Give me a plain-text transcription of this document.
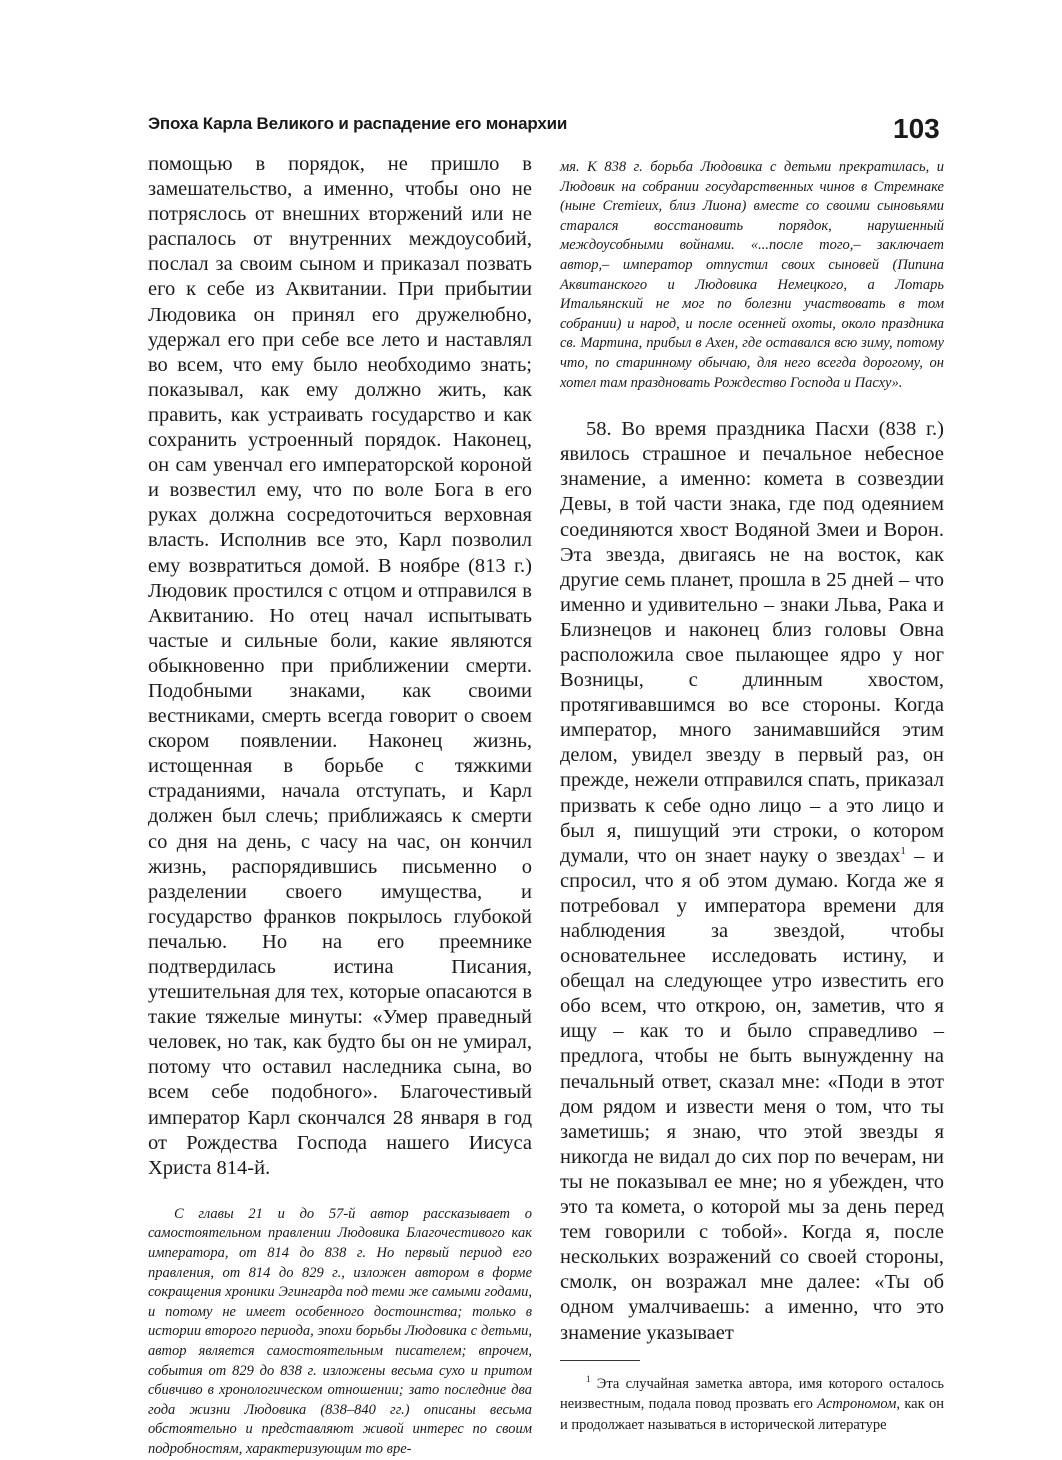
Эпоха Карла Великого и распадение его монархии	103

помощью в порядок, не пришло в замешательство, а именно, чтобы оно не потряслось от внешних вторжений или не распалось от внутренних междоусобий, послал за своим сыном и приказал позвать его к себе из Аквитании. При прибытии Людовика он принял его дружелюбно, удержал его при себе все лето и наставлял во всем, что ему было необходимо знать; показывал, как ему должно жить, как править, как устраивать государство и как сохранить устроенный порядок. Наконец, он сам увенчал его императорской короной и возвестил ему, что по воле Бога в его руках должна сосредоточиться верховная власть. Исполнив все это, Карл позволил ему возвратиться домой. В ноябре (813 г.) Людовик простился с отцом и отправился в Аквитанию. Но отец начал испытывать частые и сильные боли, какие являются обыкновенно при приближении смерти. Подобными знаками, как своими вестниками, смерть всегда говорит о своем скором появлении. Наконец жизнь, истощенная в борьбе с тяжкими страданиями, начала отступать, и Карл должен был слечь; приближаясь к смерти со дня на день, с часу на час, он кончил жизнь, распорядившись письменно о разделении своего имущества, и государство франков покрылось глубокой печалью. Но на его преемнике подтвердилась истина Писания, утешительная для тех, которые опасаются в такие тяжелые минуты: «Умер праведный человек, но так, как будто бы он не умирал, потому что оставил наследника сына, во всем себе подобного». Благочестивый император Карл скончался 28 января в год от Рождества Господа нашего Иисуса Христа 814-й.

С главы 21 и до 57-й автор рассказывает о самостоятельном правлении Людовика Благочестивого как императора, от 814 до 838 г. Но первый период его правления, от 814 до 829 г., изложен автором в форме сокращения хроники Эгингарда под теми же самыми годами, и потому не имеет особенного достоинства; только в истории второго периода, эпохи борьбы Людовика с детьми, автор является самостоятельным писателем; впрочем, события от 829 до 838 г. изложены весьма сухо и притом сбивчиво в хронологическом отношении; зато последние два года жизни Людовика (838–840 гг.) описаны весьма обстоятельно и представляют живой интерес по своим подробностям, характеризующим то вре-

мя. К 838 г. борьба Людовика с детьми прекратилась, и Людовик на собрании государственных чинов в Стремнаке (ныне Cremieux, близ Лиона) вместе со своими сыновьями старался восстановить порядок, нарушенный междоусобными войнами. «...после того,– заключает автор,– император отпустил своих сыновей (Пипина Аквитанского и Людовика Немецкого, а Лотарь Итальянский не мог по болезни участвовать в том собрании) и народ, и после осенней охоты, около праздника св. Мартина, прибыл в Ахен, где оставался всю зиму, потому что, по старинному обычаю, для него всегда дорогому, он хотел там праздновать Рождество Господа и Пасху».

58. Во время праздника Пасхи (838 г.) явилось страшное и печальное небесное знамение, а именно: комета в созвездии Девы, в той части знака, где под одеянием соединяются хвост Водяной Змеи и Ворон. Эта звезда, двигаясь не на восток, как другие семь планет, прошла в 25 дней – что именно и удивительно – знаки Льва, Рака и Близнецов и наконец близ головы Овна расположила свое пылающее ядро у ног Возницы, с длинным хвостом, протягивавшимся во все стороны. Когда император, много занимавшийся этим делом, увидел звезду в первый раз, он прежде, нежели отправился спать, приказал призвать к себе одно лицо – а это лицо и был я, пишущий эти строки, о котором думали, что он знает науку о звездах$^1$ – и спросил, что я об этом думаю. Когда же я потребовал у императора времени для наблюдения за звездой, чтобы основательнее исследовать истину, и обещал на следующее утро известить его обо всем, что открою, он, заметив, что я ищу – как то и было справедливо – предлога, чтобы не быть вынужденну на печальный ответ, сказал мне: «Поди в этот дом рядом и извести меня о том, что ты заметишь; я знаю, что этой звезды я никогда не видал до сих пор по вечерам, ни ты не показывал ее мне; но я убежден, что это та комета, о которой мы за день перед тем говорили с тобой». Когда я, после нескольких возражений со своей стороны, смолк, он возражал мне далее: «Ты об одном умалчиваешь: а именно, что это знамение указывает

$^1$ Эта случайная заметка автора, имя которого осталось неизвестным, подала повод прозвать его Астрономом, как он и продолжает называться в исторической литературе
